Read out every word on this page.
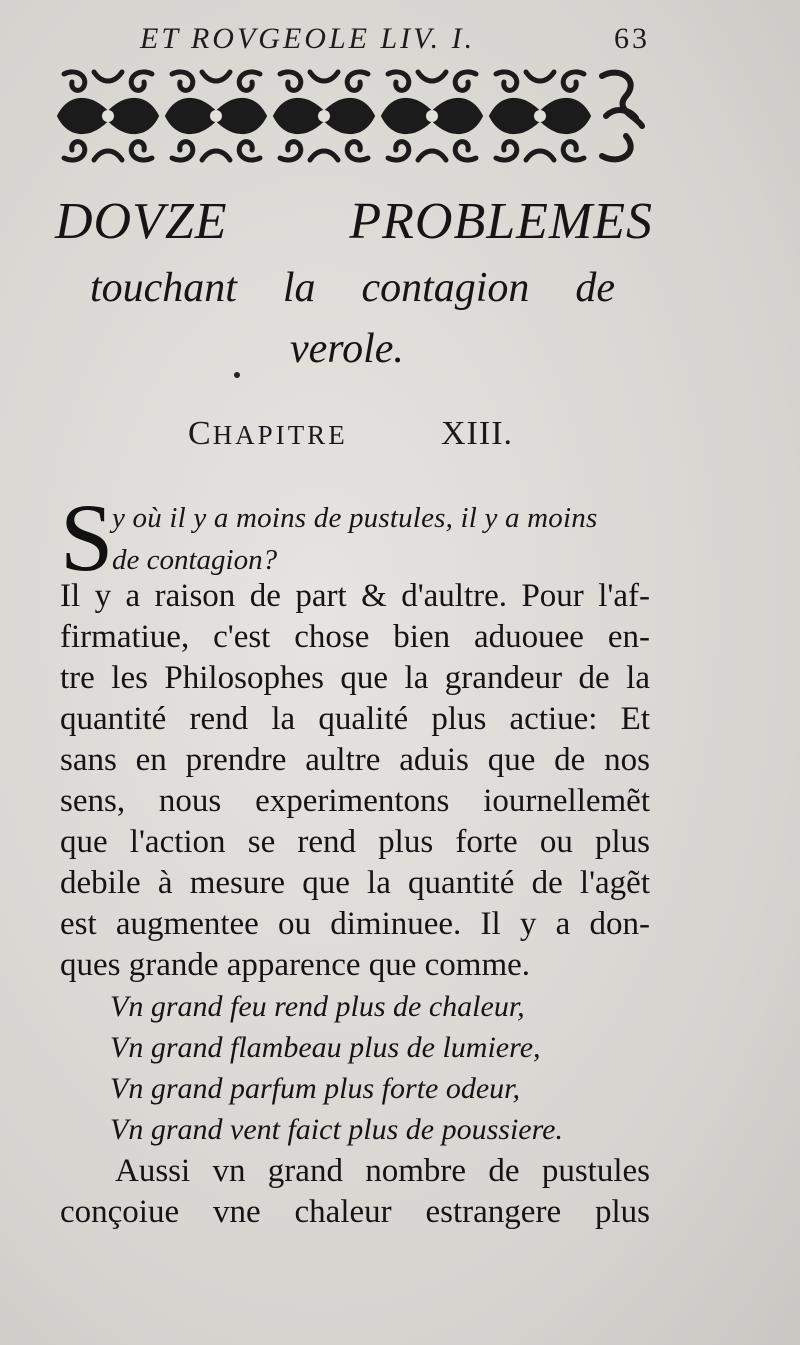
ET ROVGEOLE LIV. I.	63
DOVZE PROBLEMES
touchant la contagion de
verole.
CHAPITRE	XIII.
S
y où il y a moins de pustules, il y a moins
de contagion?
Il y a raison de part & d'aultre. Pour l'af-
firmatiue, c'est chose bien aduouee en-
tre les Philosophes que la grandeur de la
quantité rend la qualité plus actiue: Et
sans en prendre aultre aduis que de nos
sens, nous experimentons iournellemẽt
que l'action se rend plus forte ou plus
debile à mesure que la quantité de l'agẽt
est augmentee ou diminuee. Il y a don-
ques grande apparence que comme.
Vn grand feu rend plus de chaleur,
Vn grand flambeau plus de lumiere,
Vn grand parfum plus forte odeur,
Vn grand vent faict plus de poussiere.
Aussi vn grand nombre de pustules
conçoiue vne chaleur estrangere plus
